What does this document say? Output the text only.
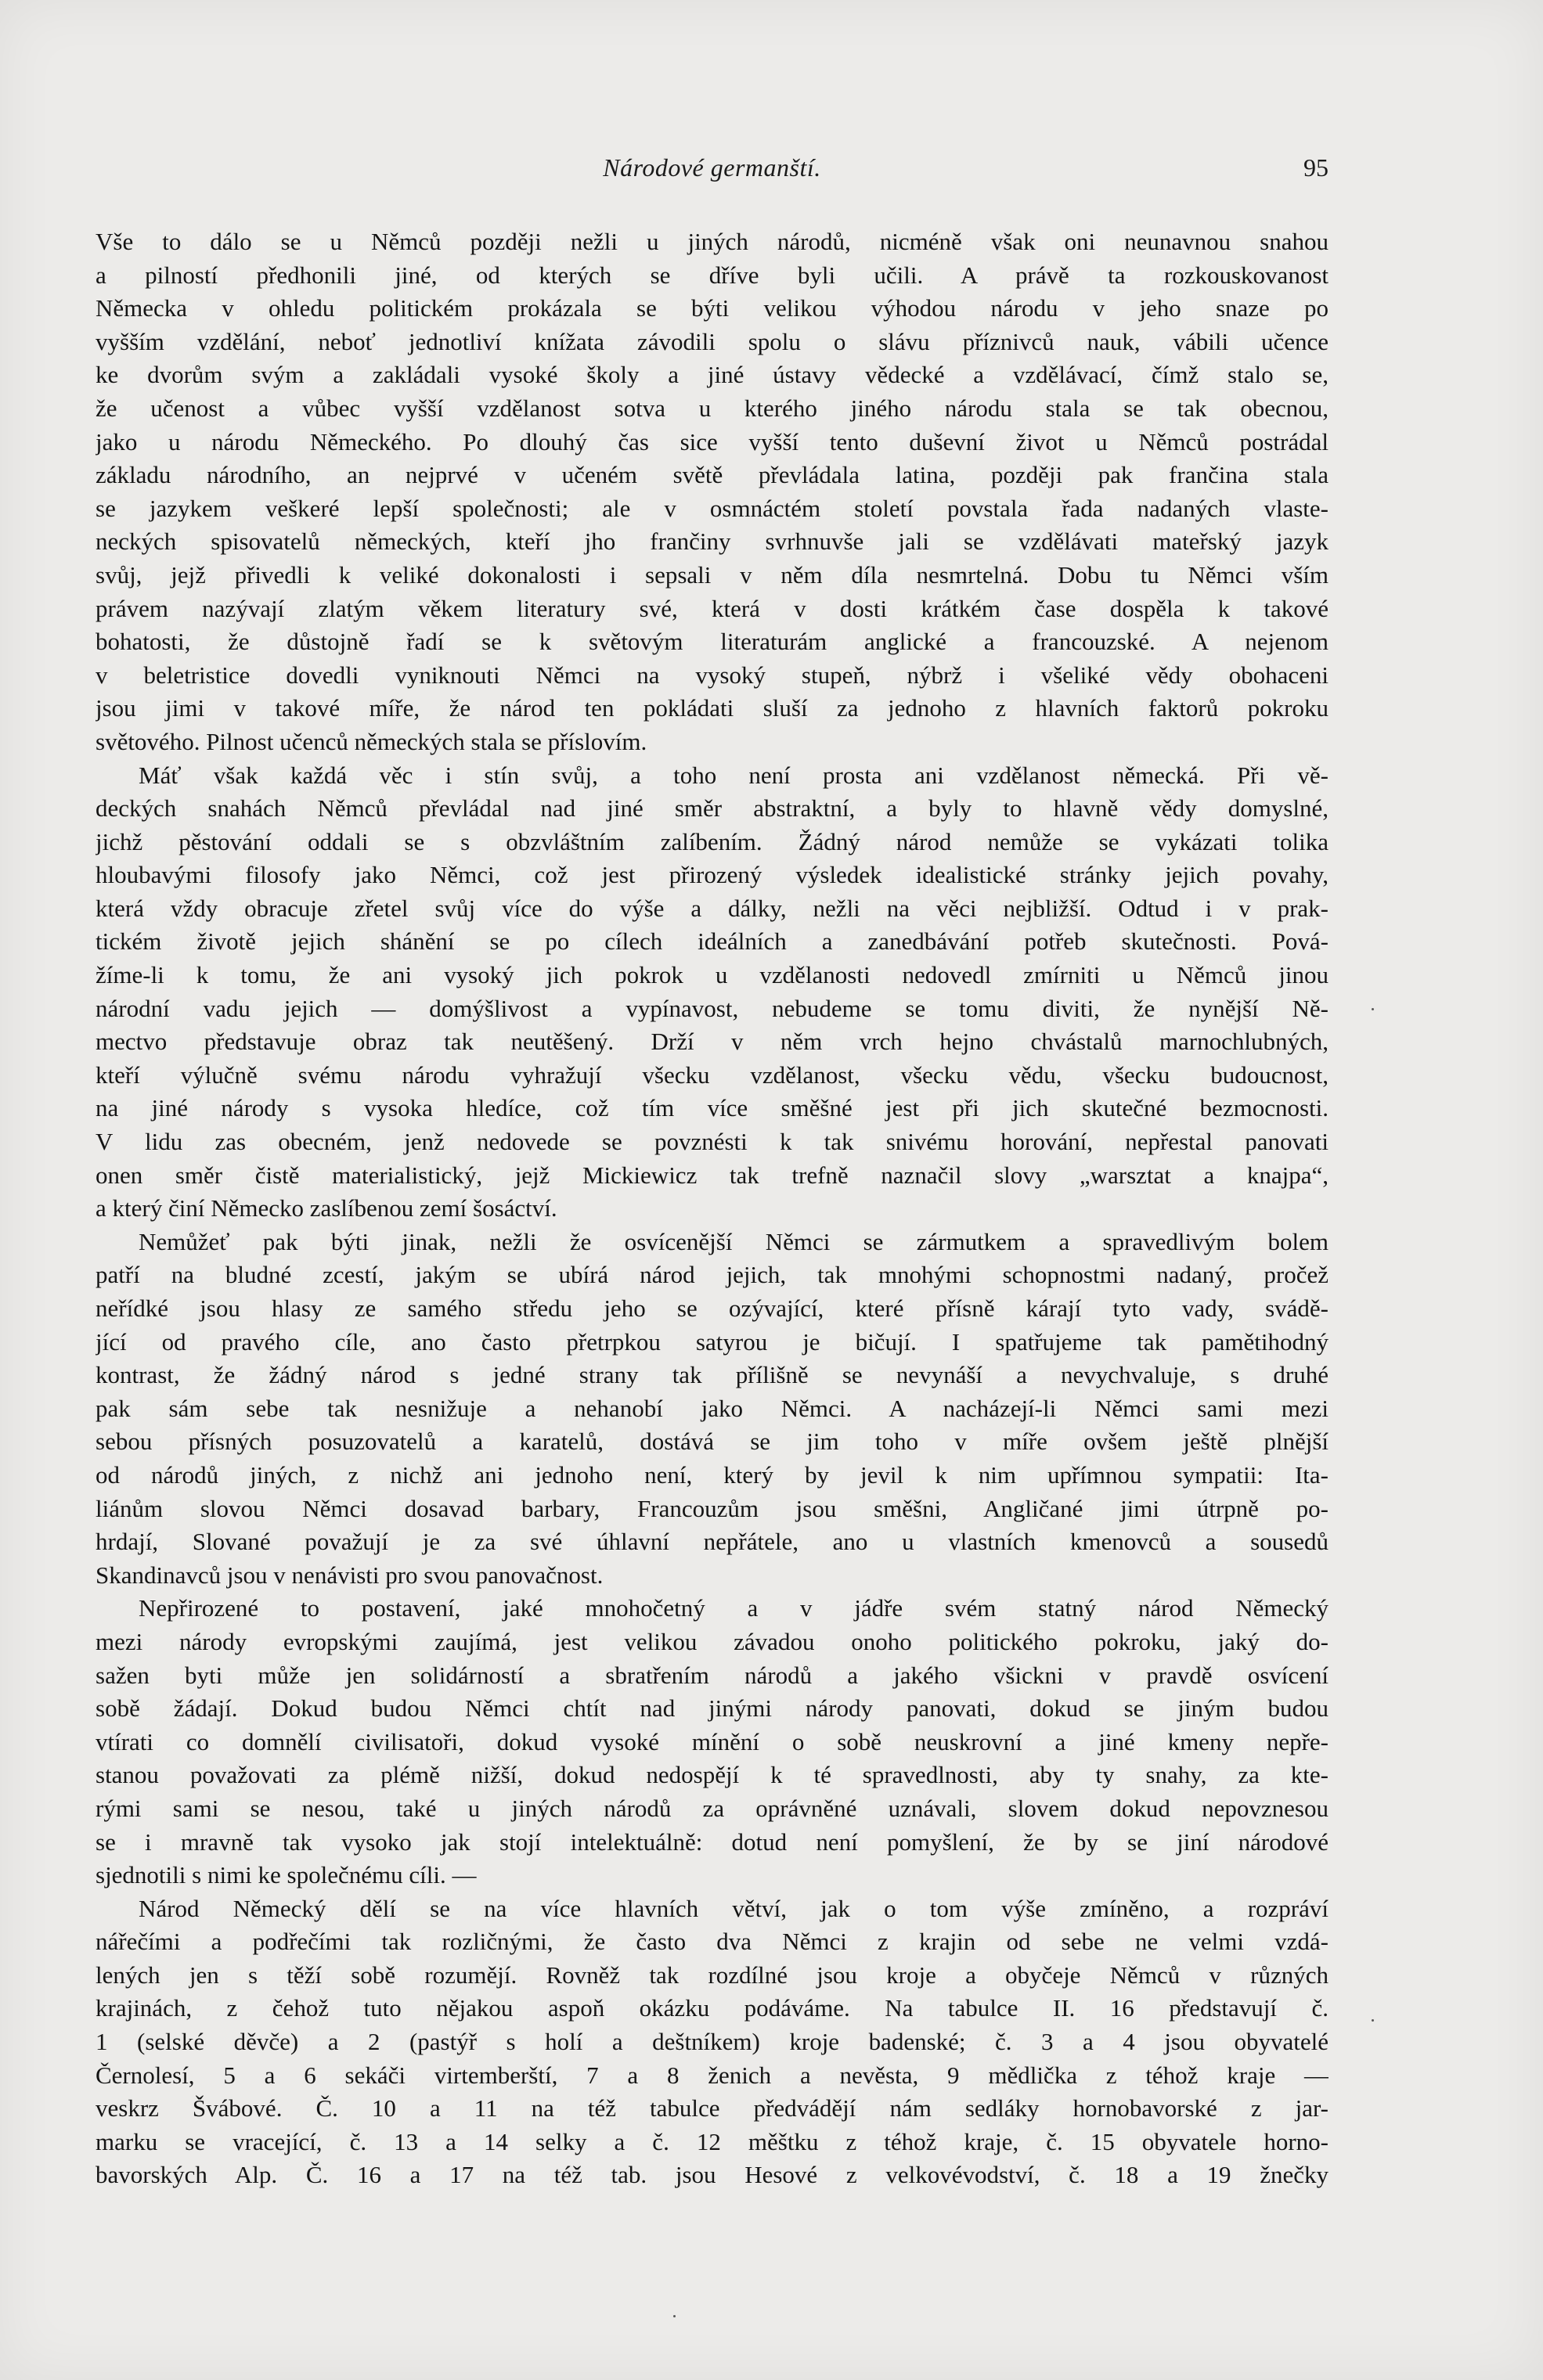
Národové germanští.	95
Vše to dálo se u Němců později nežli u jiných národů, nicméně však oni neunavnou snahou
a pilností předhonili jiné, od kterých se dříve byli učili. A právě ta rozkouskovanost
Německa v ohledu politickém prokázala se býti velikou výhodou národu v jeho snaze po
vyšším vzdělání, neboť jednotliví knížata závodili spolu o slávu příznivců nauk, vábili učence
ke dvorům svým a zakládali vysoké školy a jiné ústavy vědecké a vzdělávací, čímž stalo se,
že učenost a vůbec vyšší vzdělanost sotva u kterého jiného národu stala se tak obecnou,
jako u národu Německého. Po dlouhý čas sice vyšší tento duševní život u Němců postrádal
základu národního, an nejprvé v učeném světě převládala latina, později pak frančina stala
se jazykem veškeré lepší společnosti; ale v osmnáctém století povstala řada nadaných vlaste-
neckých spisovatelů německých, kteří jho frančiny svrhnuvše jali se vzdělávati mateřský jazyk
svůj, jejž přivedli k veliké dokonalosti i sepsali v něm díla nesmrtelná. Dobu tu Němci vším
právem nazývají zlatým věkem literatury své, která v dosti krátkém čase dospěla k takové
bohatosti, že důstojně řadí se k světovým literaturám anglické a francouzské. A nejenom
v beletristice dovedli vyniknouti Němci na vysoký stupeň, nýbrž i všeliké vědy obohaceni
jsou jimi v takové míře, že národ ten pokládati sluší za jednoho z hlavních faktorů pokroku
světového. Pilnost učenců německých stala se příslovím.
Máť však každá věc i stín svůj, a toho není prosta ani vzdělanost německá. Při vě-
deckých snahách Němců převládal nad jiné směr abstraktní, a byly to hlavně vědy domyslné,
jichž pěstování oddali se s obzvláštním zalíbením. Žádný národ nemůže se vykázati tolika
hloubavými filosofy jako Němci, což jest přirozený výsledek idealistické stránky jejich povahy,
která vždy obracuje zřetel svůj více do výše a dálky, nežli na věci nejbližší. Odtud i v prak-
tickém životě jejich shánění se po cílech ideálních a zanedbávání potřeb skutečnosti. Pová-
žíme-li k tomu, že ani vysoký jich pokrok u vzdělanosti nedovedl zmírniti u Němců jinou
národní vadu jejich — domýšlivost a vypínavost, nebudeme se tomu diviti, že nynější Ně-
mectvo představuje obraz tak neutěšený. Drží v něm vrch hejno chvástalů marnochlubných,
kteří výlučně svému národu vyhražují všecku vzdělanost, všecku vědu, všecku budoucnost,
na jiné národy s vysoka hledíce, což tím více směšné jest při jich skutečné bezmocnosti.
V lidu zas obecném, jenž nedovede se povznésti k tak snivému horování, nepřestal panovati
onen směr čistě materialistický, jejž Mickiewicz tak trefně naznačil slovy „warsztat a knajpa“,
a který činí Německo zaslíbenou zemí šosáctví.
Nemůžeť pak býti jinak, nežli že osvícenější Němci se zármutkem a spravedlivým bolem
patří na bludné zcestí, jakým se ubírá národ jejich, tak mnohými schopnostmi nadaný, pročež
neřídké jsou hlasy ze samého středu jeho se ozývající, které přísně kárají tyto vady, svádě-
jící od pravého cíle, ano často přetrpkou satyrou je bičují. I spatřujeme tak pamětihodný
kontrast, že žádný národ s jedné strany tak přílišně se nevynáší a nevychvaluje, s druhé
pak sám sebe tak nesnižuje a nehanobí jako Němci. A nacházejí-li Němci sami mezi
sebou přísných posuzovatelů a karatelů, dostává se jim toho v míře ovšem ještě plnější
od národů jiných, z nichž ani jednoho není, který by jevil k nim upřímnou sympatii: Ita-
liánům slovou Němci dosavad barbary, Francouzům jsou směšni, Angličané jimi útrpně po-
hrdají, Slované považují je za své úhlavní nepřátele, ano u vlastních kmenovců a sousedů
Skandinavců jsou v nenávisti pro svou panovačnost.
Nepřirozené to postavení, jaké mnohočetný a v jádře svém statný národ Německý
mezi národy evropskými zaujímá, jest velikou závadou onoho politického pokroku, jaký do-
sažen byti může jen solidárností a sbratřením národů a jakého všickni v pravdě osvícení
sobě žádají. Dokud budou Němci chtít nad jinými národy panovati, dokud se jiným budou
vtírati co domnělí civilisatoři, dokud vysoké mínění o sobě neuskrovní a jiné kmeny nepře-
stanou považovati za plémě nižší, dokud nedospějí k té spravedlnosti, aby ty snahy, za kte-
rými sami se nesou, také u jiných národů za oprávněné uznávali, slovem dokud nepovznesou
se i mravně tak vysoko jak stojí intelektuálně: dotud není pomyšlení, že by se jiní národové
sjednotili s nimi ke společnému cíli. —
Národ Německý dělí se na více hlavních větví, jak o tom výše zmíněno, a rozpráví
nářečími a podřečími tak rozličnými, že často dva Němci z krajin od sebe ne velmi vzdá-
lených jen s těží sobě rozumějí. Rovněž tak rozdílné jsou kroje a obyčeje Němců v různých
krajinách, z čehož tuto nějakou aspoň okázku podáváme. Na tabulce II. 16 představují č.
1 (selské děvče) a 2 (pastýř s holí a deštníkem) kroje badenské; č. 3 a 4 jsou obyvatelé
Černolesí, 5 a 6 sekáči virtemberští, 7 a 8 ženich a nevěsta, 9 mědlička z téhož kraje —
veskrz Švábové. Č. 10 a 11 na též tabulce předvádějí nám sedláky hornobavorské z jar-
marku se vracející, č. 13 a 14 selky a č. 12 měštku z téhož kraje, č. 15 obyvatele horno-
bavorských Alp. Č. 16 a 17 na též tab. jsou Hesové z velkovévodství, č. 18 a 19 žnečky
